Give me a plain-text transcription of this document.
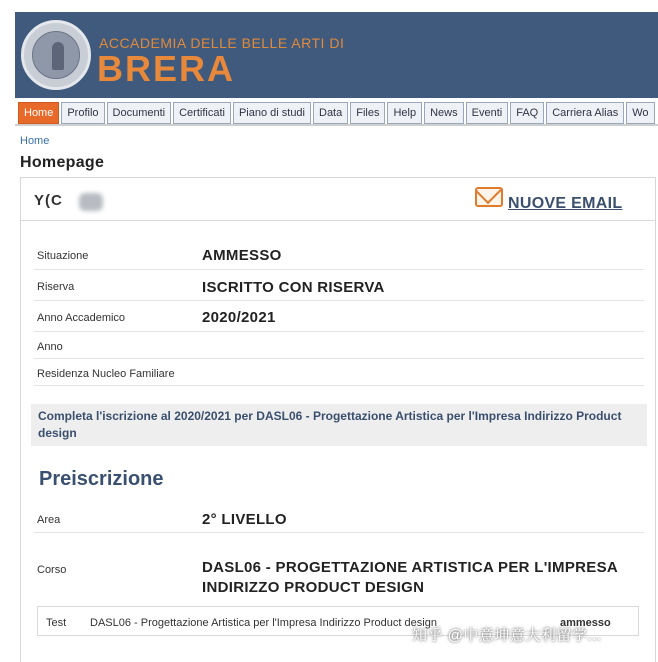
ACCADEMIA DELLE BELLE ARTI DI
BRERA
Home	Profilo	Documenti	Certificati	Piano di studi	Data	Files	Help	News	Eventi	FAQ	Carriera Alias	Wo
Home
Homepage
Y(C	NUOVE EMAIL
Situazione	AMMESSO
Riserva	ISCRITTO CON RISERVA
Anno Accademico	2020/2021
Anno
Residenza Nucleo Familiare
Completa l'iscrizione al 2020/2021 per DASL06 - Progettazione Artistica per l'Impresa Indirizzo Product design
Preiscrizione
Area	2° LIVELLO
Corso	DASL06 - PROGETTAZIONE ARTISTICA PER L'IMPRESA
INDIRIZZO PRODUCT DESIGN
Test DASL06 - Progettazione Artistica per l'Impresa Indirizzo Product design	ammesso
知乎 @中意坤意大利留学...
